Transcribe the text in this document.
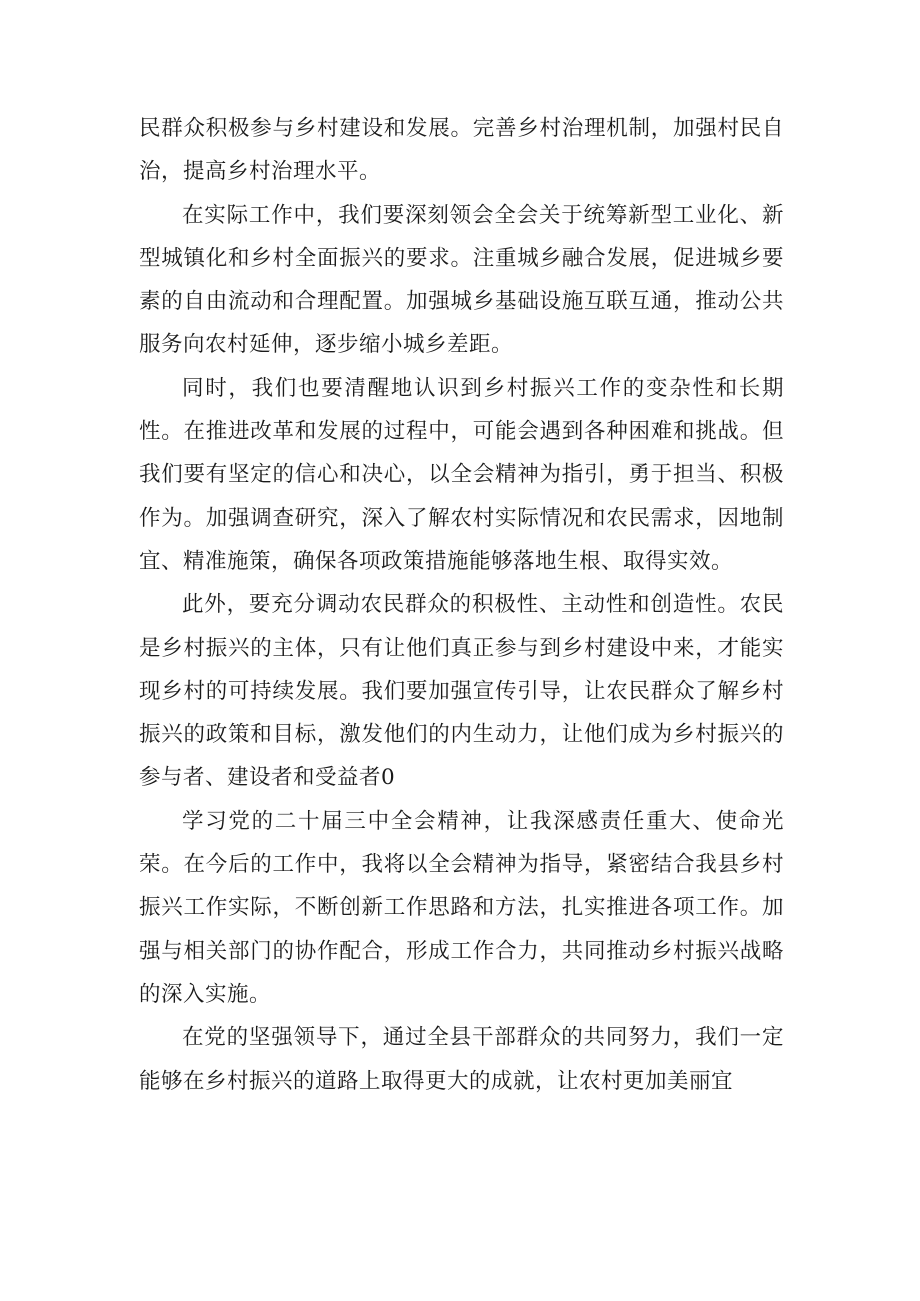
民群众积极参与乡村建设和发展。完善乡村治理机制，加强村民自治，提高乡村治理水平。

在实际工作中，我们要深刻领会全会关于统筹新型工业化、新型城镇化和乡村全面振兴的要求。注重城乡融合发展，促进城乡要素的自由流动和合理配置。加强城乡基础设施互联互通，推动公共服务向农村延伸，逐步缩小城乡差距。

同时，我们也要清醒地认识到乡村振兴工作的变杂性和长期性。在推进改革和发展的过程中，可能会遇到各种困难和挑战。但我们要有坚定的信心和决心，以全会精神为指引，勇于担当、积极作为。加强调查研究，深入了解农村实际情况和农民需求，因地制宜、精准施策，确保各项政策措施能够落地生根、取得实效。

此外，要充分调动农民群众的积极性、主动性和创造性。农民是乡村振兴的主体，只有让他们真正参与到乡村建设中来，才能实现乡村的可持续发展。我们要加强宣传引导，让农民群众了解乡村振兴的政策和目标，激发他们的内生动力，让他们成为乡村振兴的参与者、建设者和受益者0

学习党的二十届三中全会精神，让我深感责任重大、使命光荣。在今后的工作中，我将以全会精神为指导，紧密结合我县乡村振兴工作实际，不断创新工作思路和方法，扎实推进各项工作。加强与相关部门的协作配合，形成工作合力，共同推动乡村振兴战略的深入实施。

在党的坚强领导下，通过全县干部群众的共同努力，我们一定能够在乡村振兴的道路上取得更大的成就，让农村更加美丽宜
